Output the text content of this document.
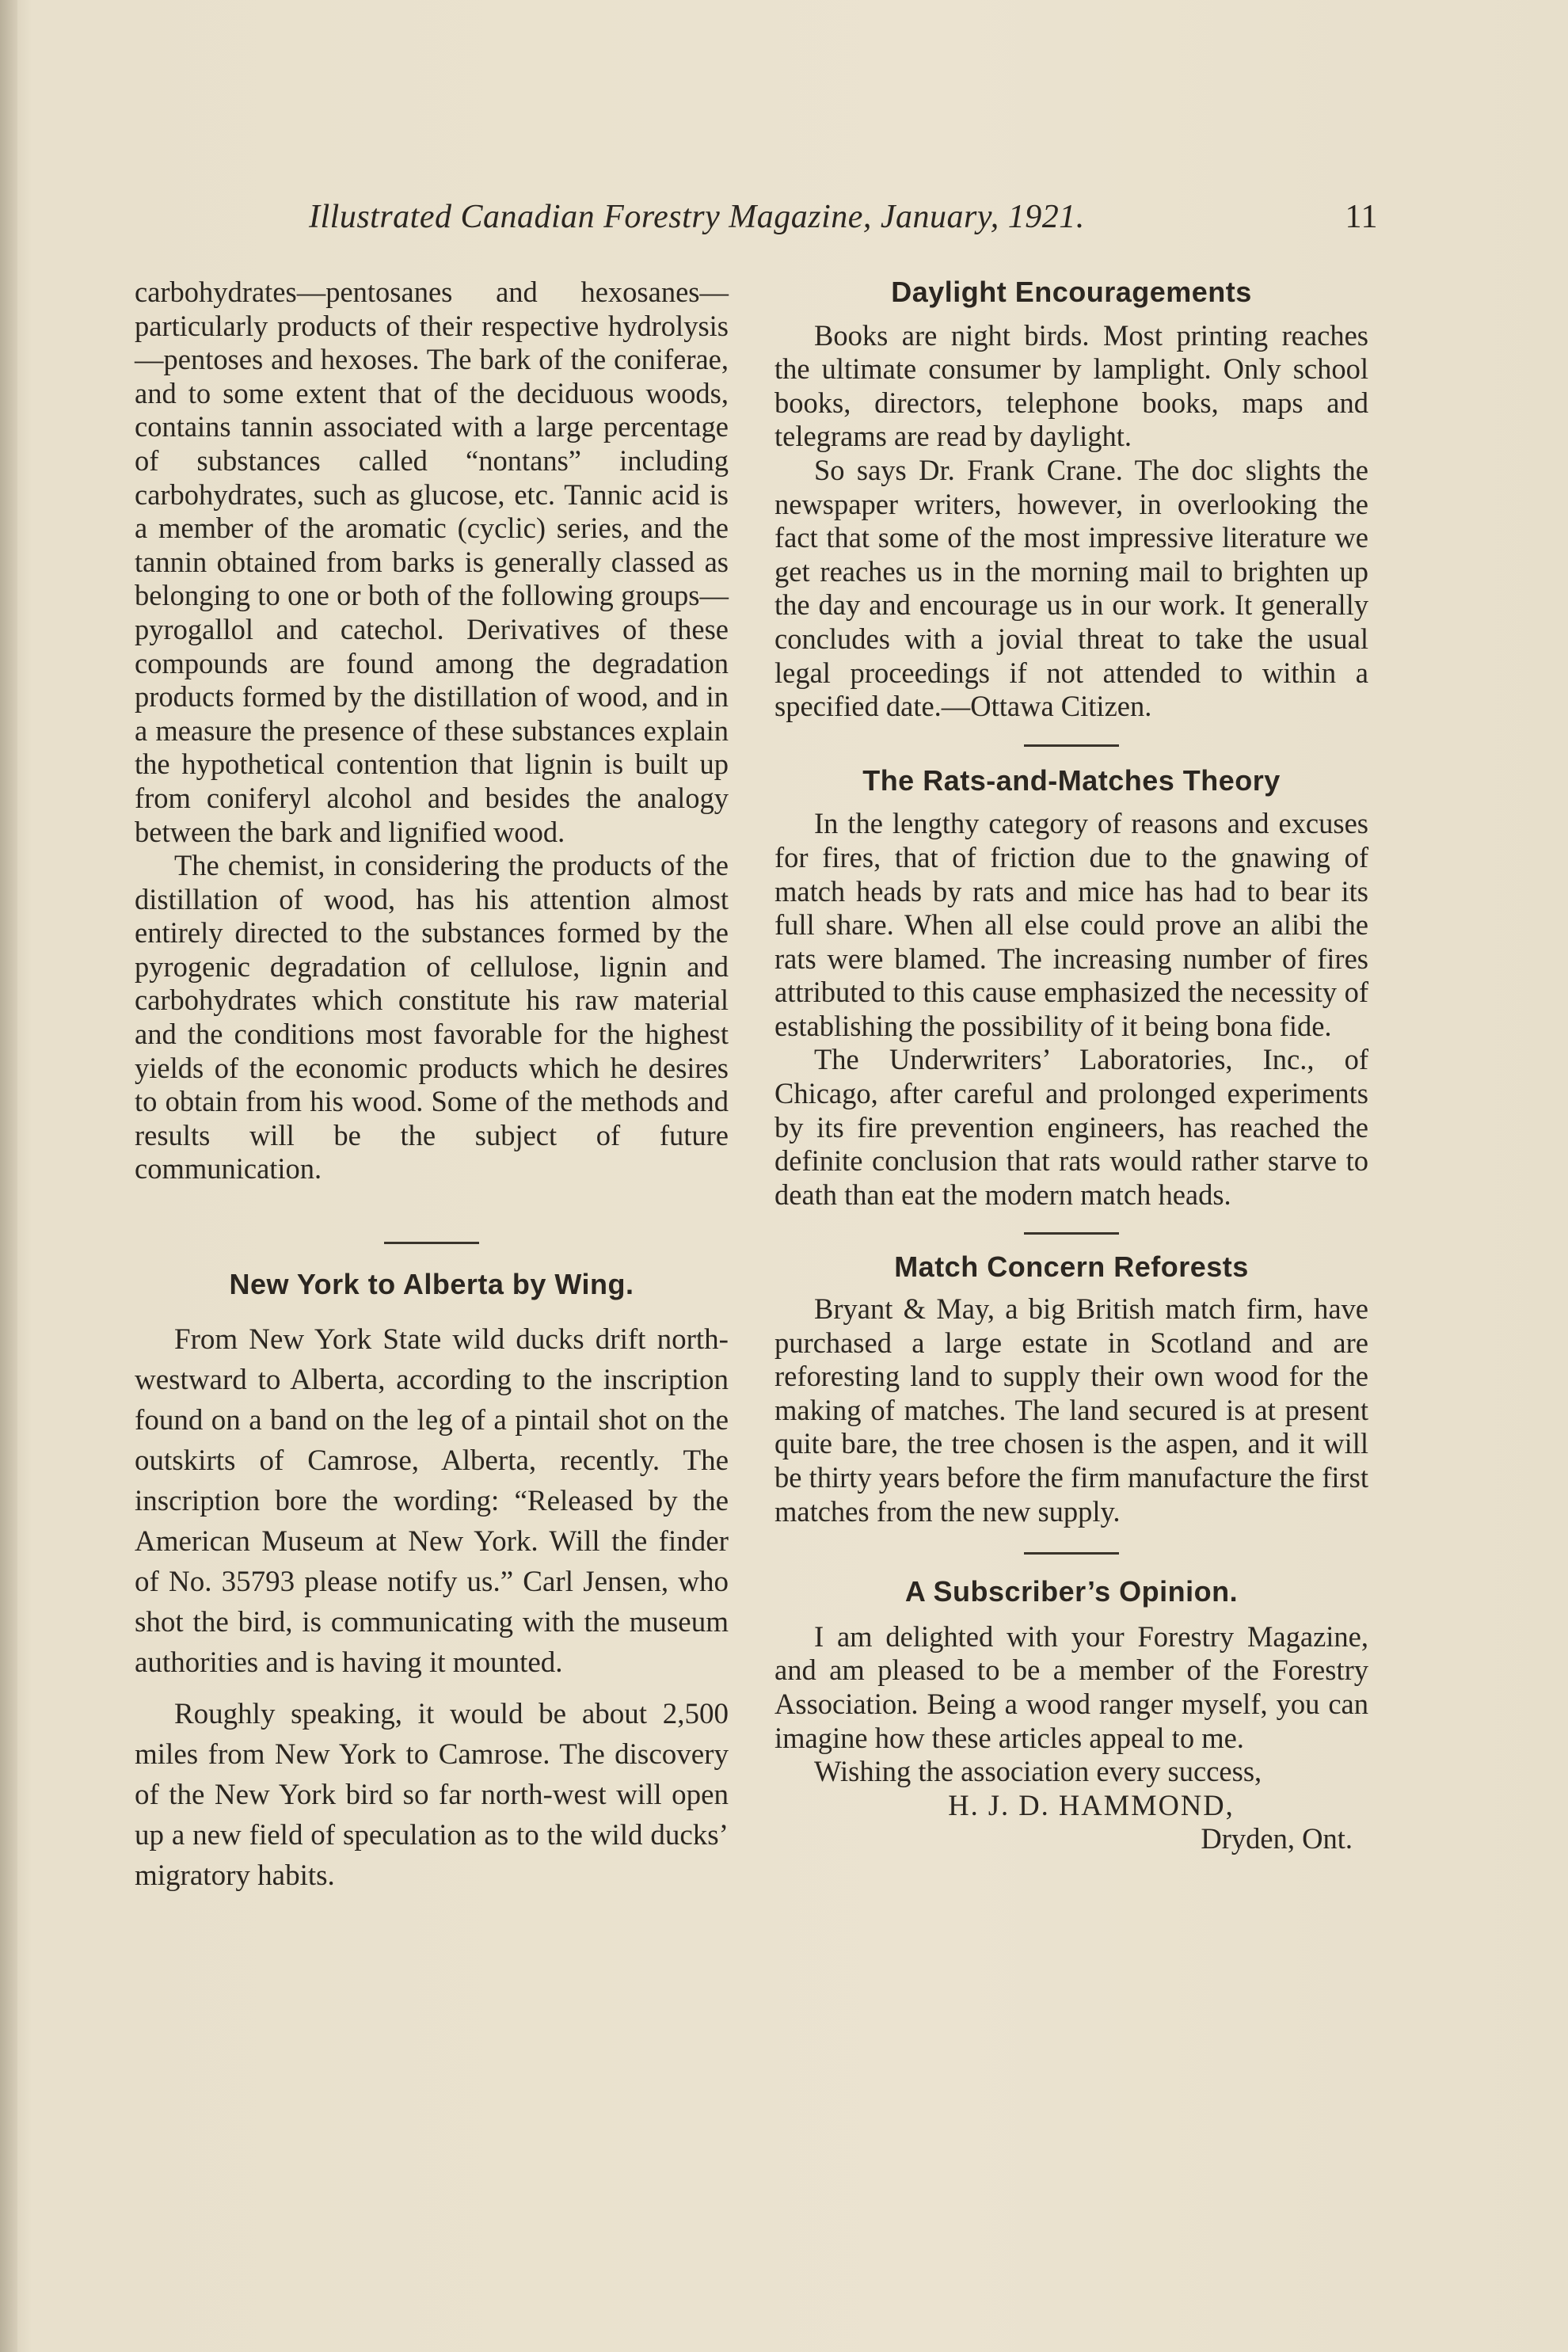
Illustrated Canadian Forestry Magazine, January, 1921.	11

carbohydrates—pentosanes and hexosanes—particularly products of their respective hydrolysis—pentoses and hexoses. The bark of the coniferae, and to some extent that of the deciduous woods, contains tannin associated with a large percentage of substances called “nontans” including carbohydrates, such as glucose, etc. Tannic acid is a member of the aromatic (cyclic) series, and the tannin obtained from barks is generally classed as belonging to one or both of the following groups—pyrogallol and catechol. Derivatives of these compounds are found among the degradation products formed by the distillation of wood, and in a measure the presence of these substances explain the hypothetical contention that lignin is built up from coniferyl alcohol and besides the analogy between the bark and lignified wood.

The chemist, in considering the products of the distillation of wood, has his attention almost entirely directed to the substances formed by the pyrogenic degradation of cellulose, lignin and carbohydrates which constitute his raw material and the conditions most favorable for the highest yields of the economic products which he desires to obtain from his wood. Some of the methods and results will be the subject of future communication.

New York to Alberta by Wing.

From New York State wild ducks drift north-westward to Alberta, according to the inscription found on a band on the leg of a pintail shot on the outskirts of Camrose, Alberta, recently. The inscription bore the wording: “Released by the American Museum at New York. Will the finder of No. 35793 please notify us.” Carl Jensen, who shot the bird, is communicating with the museum authorities and is having it mounted.

Roughly speaking, it would be about 2,500 miles from New York to Camrose. The discovery of the New York bird so far north-west will open up a new field of speculation as to the wild ducks’ migratory habits.

Daylight Encouragements

Books are night birds. Most printing reaches the ultimate consumer by lamplight. Only school books, directors, telephone books, maps and telegrams are read by daylight.

So says Dr. Frank Crane. The doc slights the newspaper writers, however, in overlooking the fact that some of the most impressive literature we get reaches us in the morning mail to brighten up the day and encourage us in our work. It generally concludes with a jovial threat to take the usual legal proceedings if not attended to within a specified date.—Ottawa Citizen.

The Rats-and-Matches Theory

In the lengthy category of reasons and excuses for fires, that of friction due to the gnawing of match heads by rats and mice has had to bear its full share. When all else could prove an alibi the rats were blamed. The increasing number of fires attributed to this cause emphasized the necessity of establishing the possibility of it being bona fide.

The Underwriters’ Laboratories, Inc., of Chicago, after careful and prolonged experiments by its fire prevention engineers, has reached the definite conclusion that rats would rather starve to death than eat the modern match heads.

Match Concern Reforests

Bryant & May, a big British match firm, have purchased a large estate in Scotland and are reforesting land to supply their own wood for the making of matches. The land secured is at present quite bare, the tree chosen is the aspen, and it will be thirty years before the firm manufacture the first matches from the new supply.

A Subscriber’s Opinion.

I am delighted with your Forestry Magazine, and am pleased to be a member of the Forestry Association. Being a wood ranger myself, you can imagine how these articles appeal to me.

Wishing the association every success,

H. J. D. HAMMOND,

Dryden, Ont.
